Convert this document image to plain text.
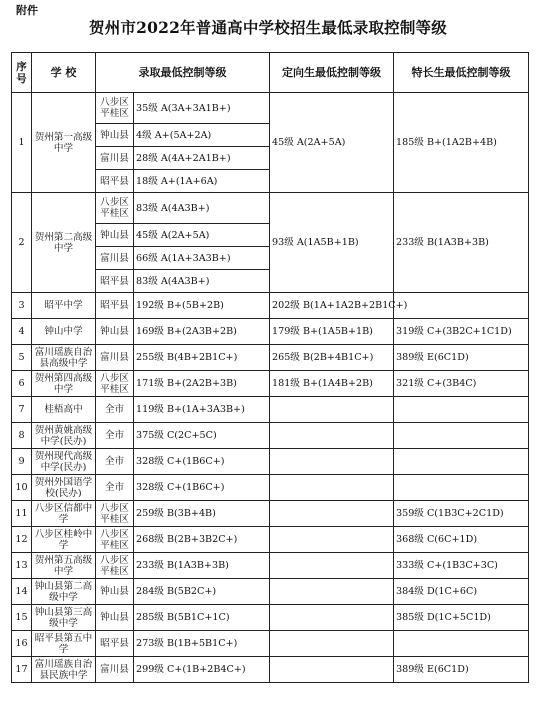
附件
贺州市2022年普通高中学校招生最低录取控制等级
序号	学 校	录取最低控制等级		定向生最低控制等级	特长生最低控制等级
1	贺州第一高级中学	八步区平桂区	35级 A(3A+3A1B+)	45级 A(2A+5A)	185级 B+(1A2B+4B)
		钟山县	4级 A+(5A+2A)		
		富川县	28级 A(4A+2A1B+)		
		昭平县	18级 A+(1A+6A)		
2	贺州第二高级中学	八步区平桂区	83级 A(4A3B+)	93级 A(1A5B+1B)	233级 B(1A3B+3B)
		钟山县	45级 A(2A+5A)		
		富川县	66级 A(1A+3A3B+)		
		昭平县	83级 A(4A3B+)		
3	昭平中学	昭平县	192级 B+(5B+2B)	202级 B(1A+1A2B+2B1C+)	
4	钟山中学	钟山县	169级 B+(2A3B+2B)	179级 B+(1A5B+1B)	319级 C+(3B2C+1C1D)
5	富川瑶族自治县高级中学	富川县	255级 B(4B+2B1C+)	265级 B(2B+4B1C+)	389级 E(6C1D)
6	贺州第四高级中学	八步区平桂区	171级 B+(2A2B+3B)	181级 B+(1A4B+2B)	321级 C+(3B4C)
7	桂梧高中	全市	119级 B+(1A+3A3B+)		
8	贺州黄姚高级中学(民办)	全市	375级 C(2C+5C)		
9	贺州现代高级中学(民办)	全市	328级 C+(1B6C+)		
10	贺州外国语学校(民办)	全市	328级 C+(1B6C+)		
11	八步区信都中学	八步区平桂区	259级 B(3B+4B)		359级 C(1B3C+2C1D)
12	八步区桂岭中学	八步区平桂区	268级 B(2B+3B2C+)		368级 C(6C+1D)
13	贺州第五高级中学	八步区平桂区	233级 B(1A3B+3B)		333级 C+(1B3C+3C)
14	钟山县第二高级中学	钟山县	284级 B(5B2C+)		384级 D(1C+6C)
15	钟山县第三高级中学	钟山县	285级 B(5B1C+1C)		385级 D(1C+5C1D)
16	昭平县第五中学	昭平县	273级 B(1B+5B1C+)		
17	富川瑶族自治县民族中学	富川县	299级 C+(1B+2B4C+)		389级 E(6C1D)
